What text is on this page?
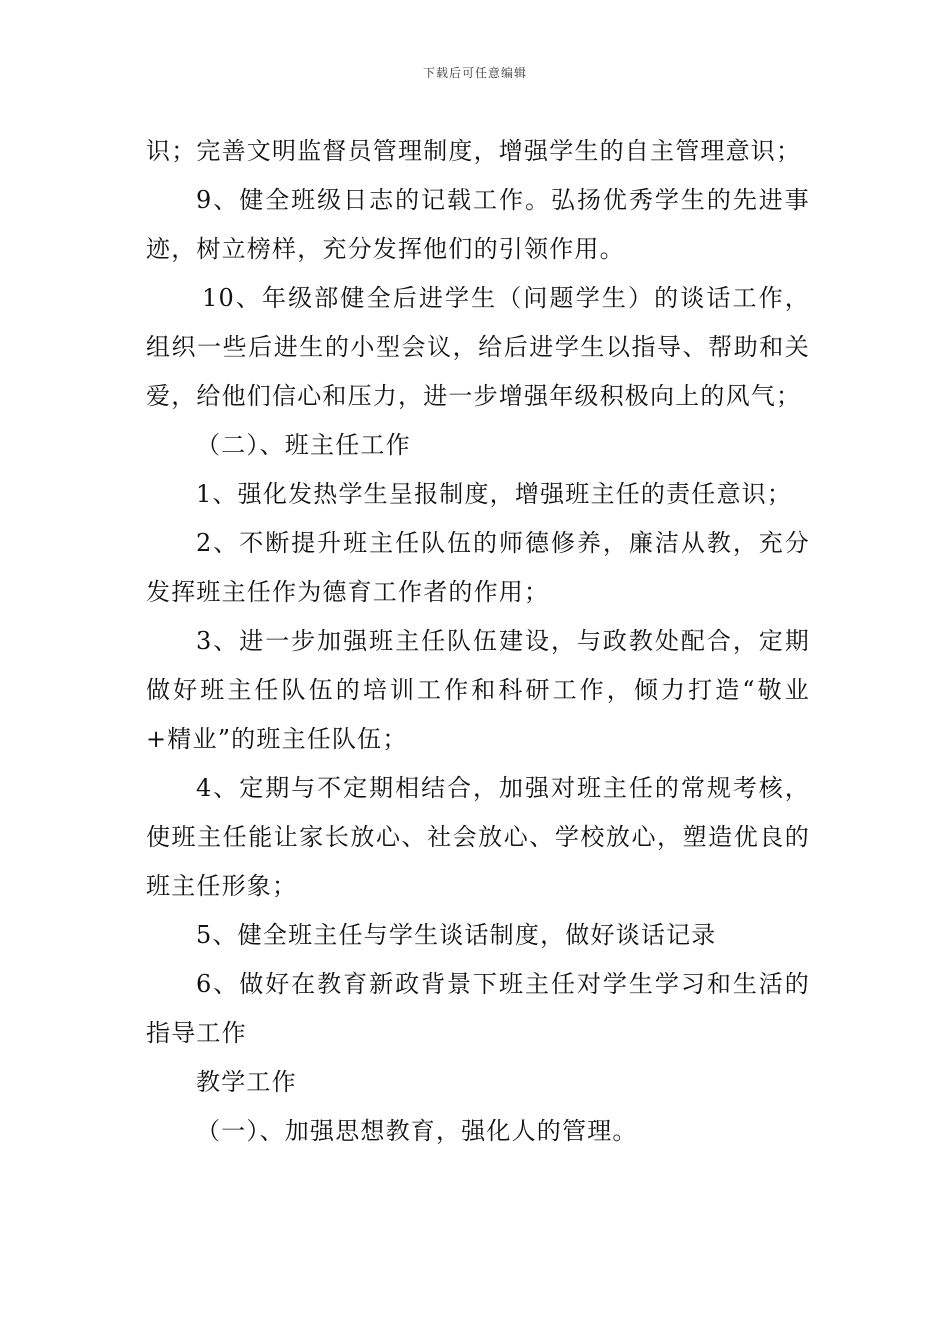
下载后可任意编辑

识；完善文明监督员管理制度，增强学生的自主管理意识；

9、健全班级日志的记载工作。弘扬优秀学生的先进事迹，树立榜样，充分发挥他们的引领作用。

10、年级部健全后进学生（问题学生）的谈话工作，组织一些后进生的小型会议，给后进学生以指导、帮助和关爱，给他们信心和压力，进一步增强年级积极向上的风气；

（二）、班主任工作

1、强化发热学生呈报制度，增强班主任的责任意识；

2、不断提升班主任队伍的师德修养，廉洁从教，充分发挥班主任作为德育工作者的作用；

3、进一步加强班主任队伍建设，与政教处配合，定期做好班主任队伍的培训工作和科研工作，倾力打造“敬业+精业”的班主任队伍；

4、定期与不定期相结合，加强对班主任的常规考核，使班主任能让家长放心、社会放心、学校放心，塑造优良的班主任形象；

5、健全班主任与学生谈话制度，做好谈话记录

6、做好在教育新政背景下班主任对学生学习和生活的指导工作

教学工作

（一）、加强思想教育，强化人的管理。
